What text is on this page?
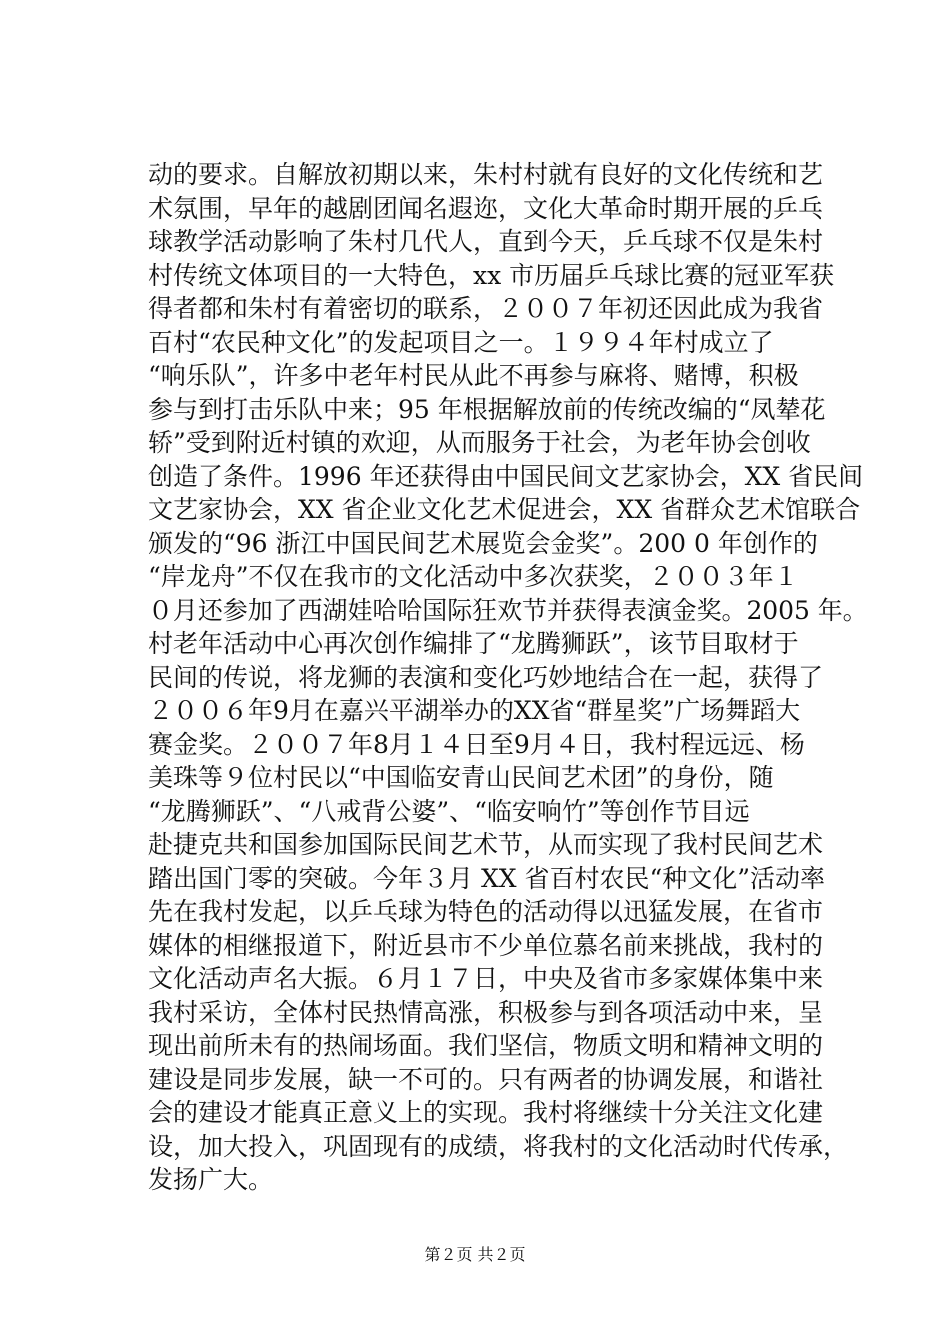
动的要求。自解放初期以来，朱村村就有良好的文化传统和艺
术氛围，早年的越剧团闻名遐迩，文化大革命时期开展的乒乓
球教学活动影响了朱村几代人，直到今天，乒乓球不仅是朱村
村传统文体项目的一大特色，xx 市历届乒乓球比赛的冠亚军获
得者都和朱村有着密切的联系，２００７年初还因此成为我省
百村“农民种文化”的发起项目之一。１９９４年村成立了
“响乐队”，许多中老年村民从此不再参与麻将、赌博，积极
参与到打击乐队中来；95 年根据解放前的传统改编的“凤辇花
轿”受到附近村镇的欢迎，从而服务于社会，为老年协会创收
创造了条件。1996 年还获得由中国民间文艺家协会，XX 省民间
文艺家协会，XX 省企业文化艺术促进会，XX 省群众艺术馆联合
颁发的“96 浙江中国民间艺术展览会金奖”。200 0 年创作的
“岸龙舟”不仅在我市的文化活动中多次获奖，２００３年１
０月还参加了西湖娃哈哈国际狂欢节并获得表演金奖。2005 年。
村老年活动中心再次创作编排了“龙腾狮跃”，该节目取材于
民间的传说，将龙狮的表演和变化巧妙地结合在一起，获得了
２００６年9月在嘉兴平湖举办的XX省“群星奖”广场舞蹈大
赛金奖。２００７年8月１４日至9月４日，我村程远远、杨
美珠等９位村民以“中国临安青山民间艺术团”的身份，随
“龙腾狮跃”、“八戒背公婆”、“临安响竹”等创作节目远
赴捷克共和国参加国际民间艺术节，从而实现了我村民间艺术
踏出国门零的突破。今年３月 XX 省百村农民“种文化”活动率
先在我村发起，以乒乓球为特色的活动得以迅猛发展，在省市
媒体的相继报道下，附近县市不少单位慕名前来挑战，我村的
文化活动声名大振。６月１７日，中央及省市多家媒体集中来
我村采访，全体村民热情高涨，积极参与到各项活动中来，呈
现出前所未有的热闹场面。我们坚信，物质文明和精神文明的
建设是同步发展，缺一不可的。只有两者的协调发展，和谐社
会的建设才能真正意义上的实现。我村将继续十分关注文化建
设，加大投入，巩固现有的成绩，将我村的文化活动时代传承，
发扬广大。

第２页 共２页
